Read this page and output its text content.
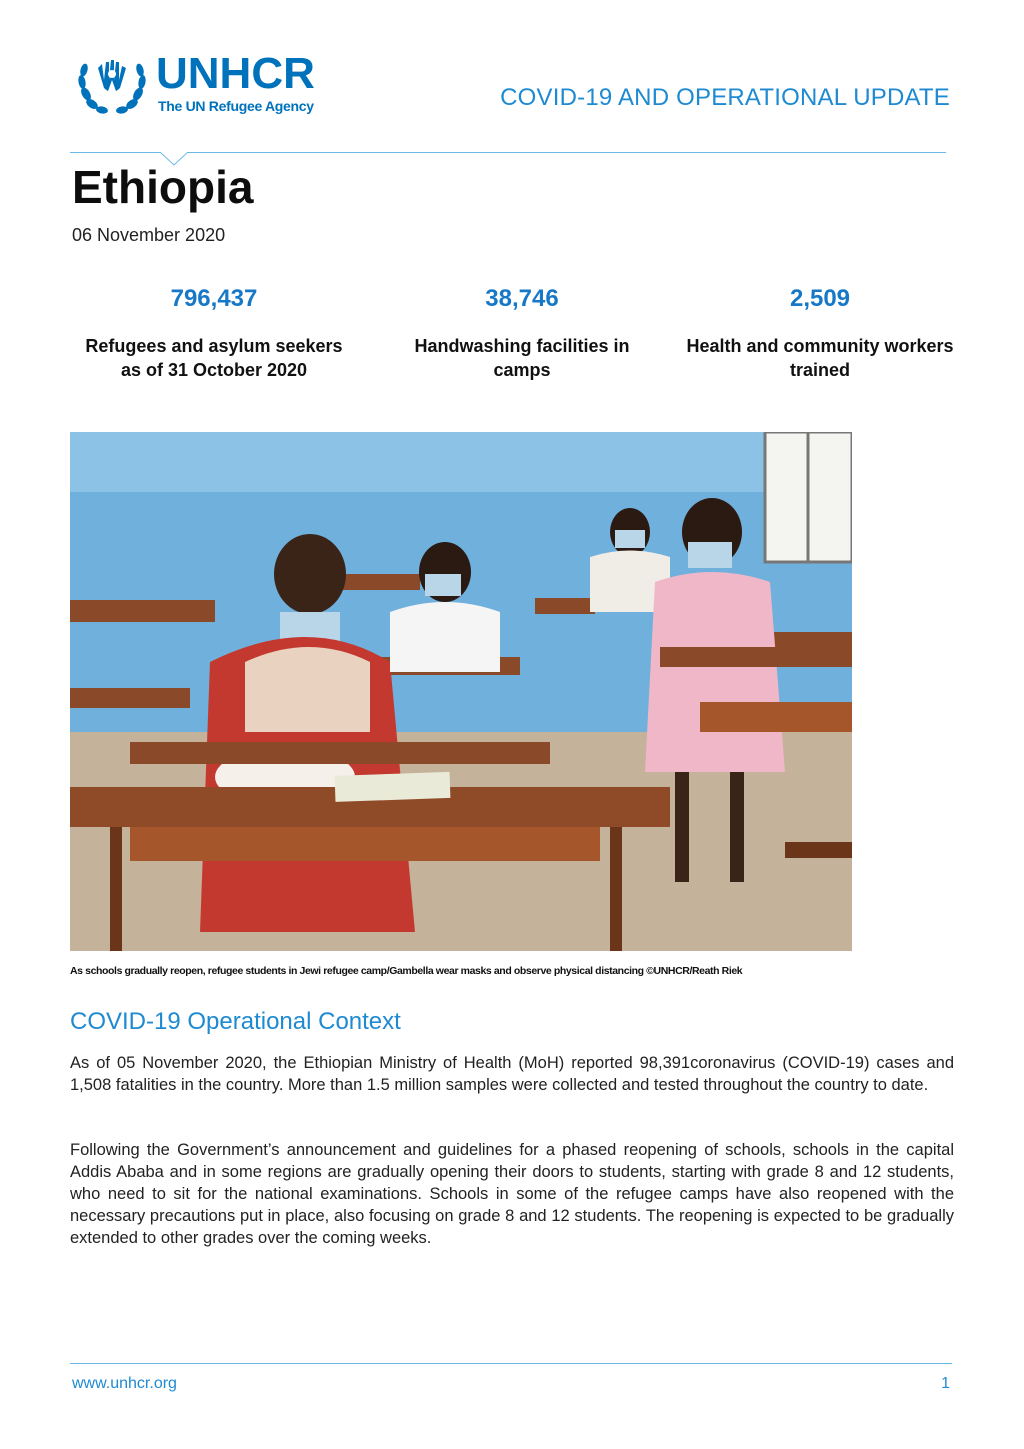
UNHCR
The UN Refugee Agency	COVID-19 AND OPERATIONAL UPDATE
Ethiopia
06 November 2020
796,437
Refugees and asylum seekers as of 31 October 2020
38,746
Handwashing facilities in camps
2,509
Health and community workers trained
As schools gradually reopen, refugee students in Jewi refugee camp/Gambella wear masks and observe physical distancing ©UNHCR/Reath Riek
COVID-19 Operational Context

As of 05 November 2020, the Ethiopian Ministry of Health (MoH) reported 98,391coronavirus (COVID-19) cases and 1,508 fatalities in the country. More than 1.5 million samples were collected and tested throughout the country to date.

Following the Government’s announcement and guidelines for a phased reopening of schools, schools in the capital Addis Ababa and in some regions are gradually opening their doors to students, starting with grade 8 and 12 students, who need to sit for the national examinations. Schools in some of the refugee camps have also reopened with the necessary precautions put in place, also focusing on grade 8 and 12 students. The reopening is expected to be gradually extended to other grades over the coming weeks.

www.unhcr.org	1
